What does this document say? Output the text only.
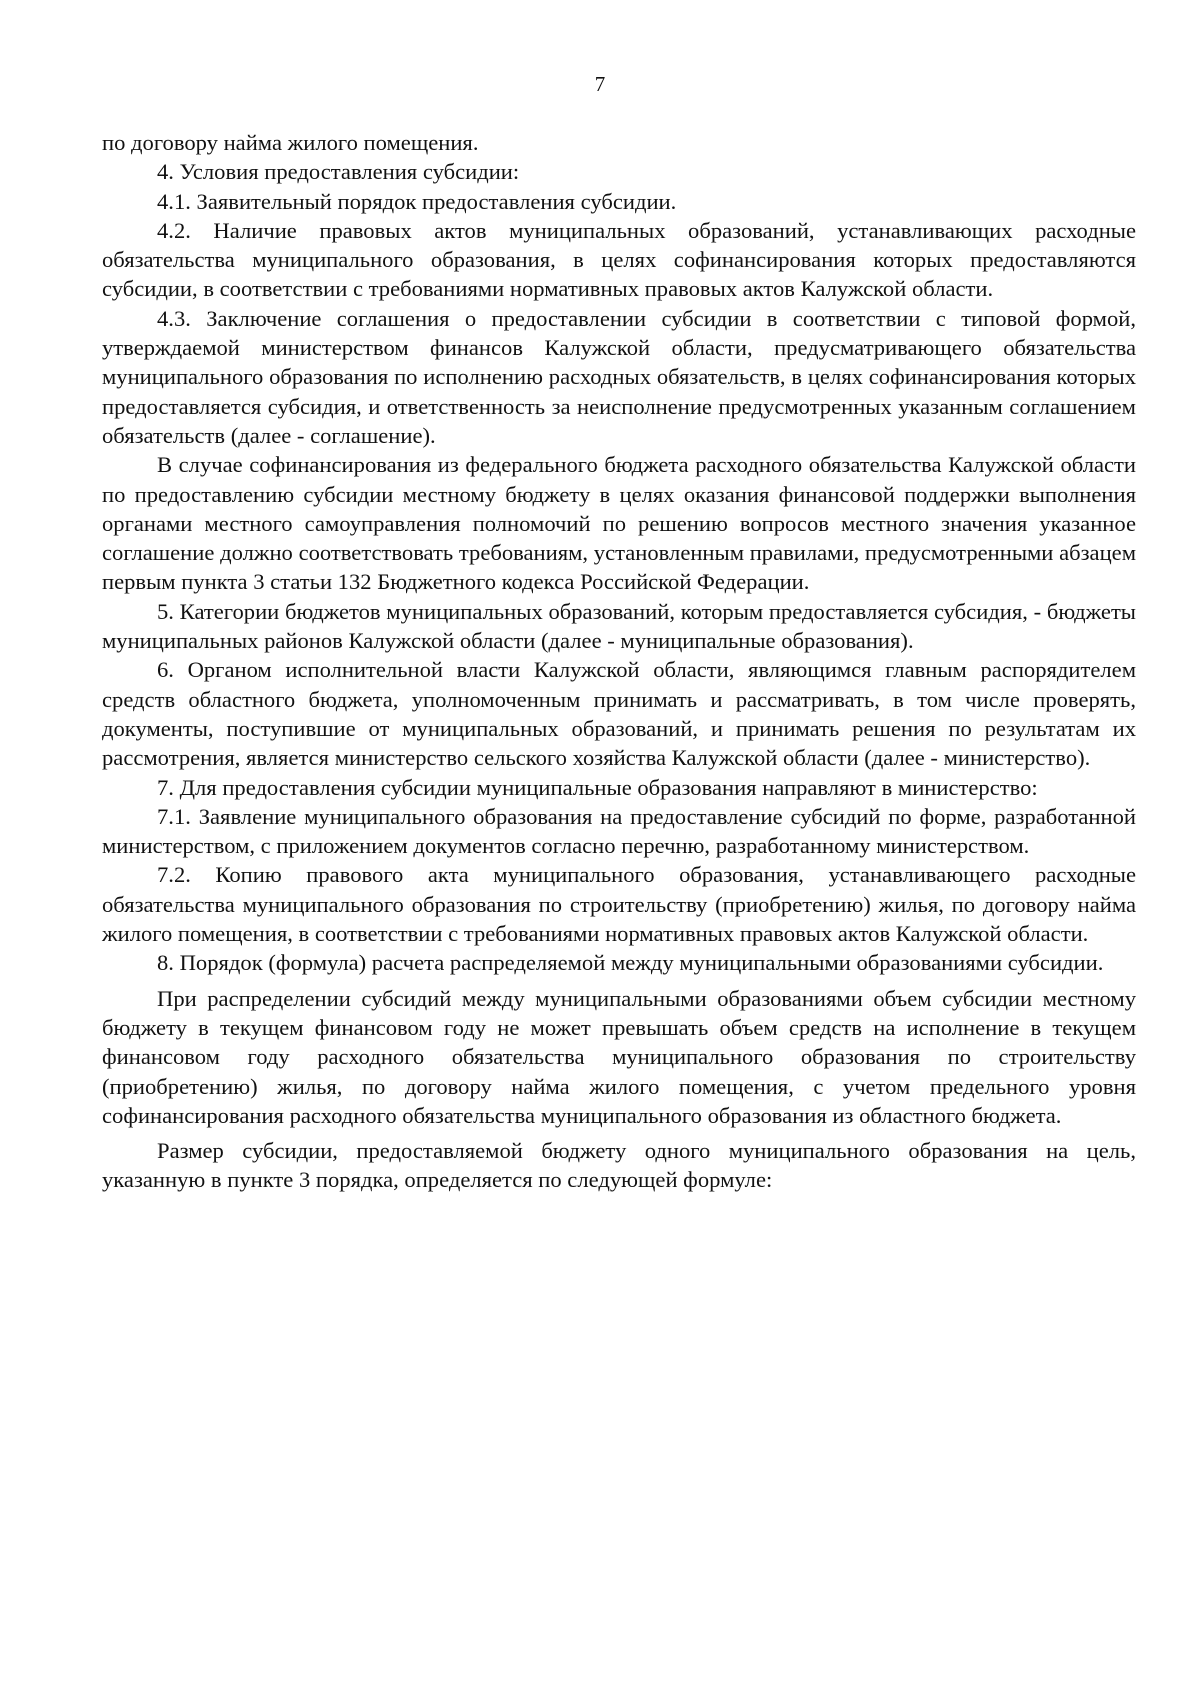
7

по договору найма жилого помещения.

4. Условия предоставления субсидии:

4.1. Заявительный порядок предоставления субсидии.

4.2. Наличие правовых актов муниципальных образований, устанавливающих расходные обязательства муниципального образования, в целях софинансирования которых предоставляются субсидии, в соответствии с требованиями нормативных правовых актов Калужской области.

4.3. Заключение соглашения о предоставлении субсидии в соответствии с типовой формой, утверждаемой министерством финансов Калужской области, предусматривающего обязательства муниципального образования по исполнению расходных обязательств, в целях софинансирования которых предоставляется субсидия, и ответственность за неисполнение предусмотренных указанным соглашением обязательств (далее - соглашение).

В случае софинансирования из федерального бюджета расходного обязательства Калужской области по предоставлению субсидии местному бюджету в целях оказания финансовой поддержки выполнения органами местного самоуправления полномочий по решению вопросов местного значения указанное соглашение должно соответствовать требованиям, установленным правилами, предусмотренными абзацем первым пункта 3 статьи 132 Бюджетного кодекса Российской Федерации.

5. Категории бюджетов муниципальных образований, которым предоставляется субсидия, - бюджеты муниципальных районов Калужской области (далее - муниципальные образования).

6. Органом исполнительной власти Калужской области, являющимся главным распорядителем средств областного бюджета, уполномоченным принимать и рассматривать, в том числе проверять, документы, поступившие от муниципальных образований, и принимать решения по результатам их рассмотрения, является министерство сельского хозяйства Калужской области (далее - министерство).

7. Для предоставления субсидии муниципальные образования направляют в министерство:

7.1. Заявление муниципального образования на предоставление субсидий по форме, разработанной министерством, с приложением документов согласно перечню, разработанному министерством.

7.2. Копию правового акта муниципального образования, устанавливающего расходные обязательства муниципального образования по строительству (приобретению) жилья, по договору найма жилого помещения, в соответствии с требованиями нормативных правовых актов Калужской области.

8. Порядок (формула) расчета распределяемой между муниципальными образованиями субсидии.

При распределении субсидий между муниципальными образованиями объем субсидии местному бюджету в текущем финансовом году не может превышать объем средств на исполнение в текущем финансовом году расходного обязательства муниципального образования по строительству (приобретению) жилья, по договору найма жилого помещения, с учетом предельного уровня софинансирования расходного обязательства муниципального образования из областного бюджета.

Размер субсидии, предоставляемой бюджету одного муниципального образования на цель, указанную в пункте 3 порядка, определяется по следующей формуле:
